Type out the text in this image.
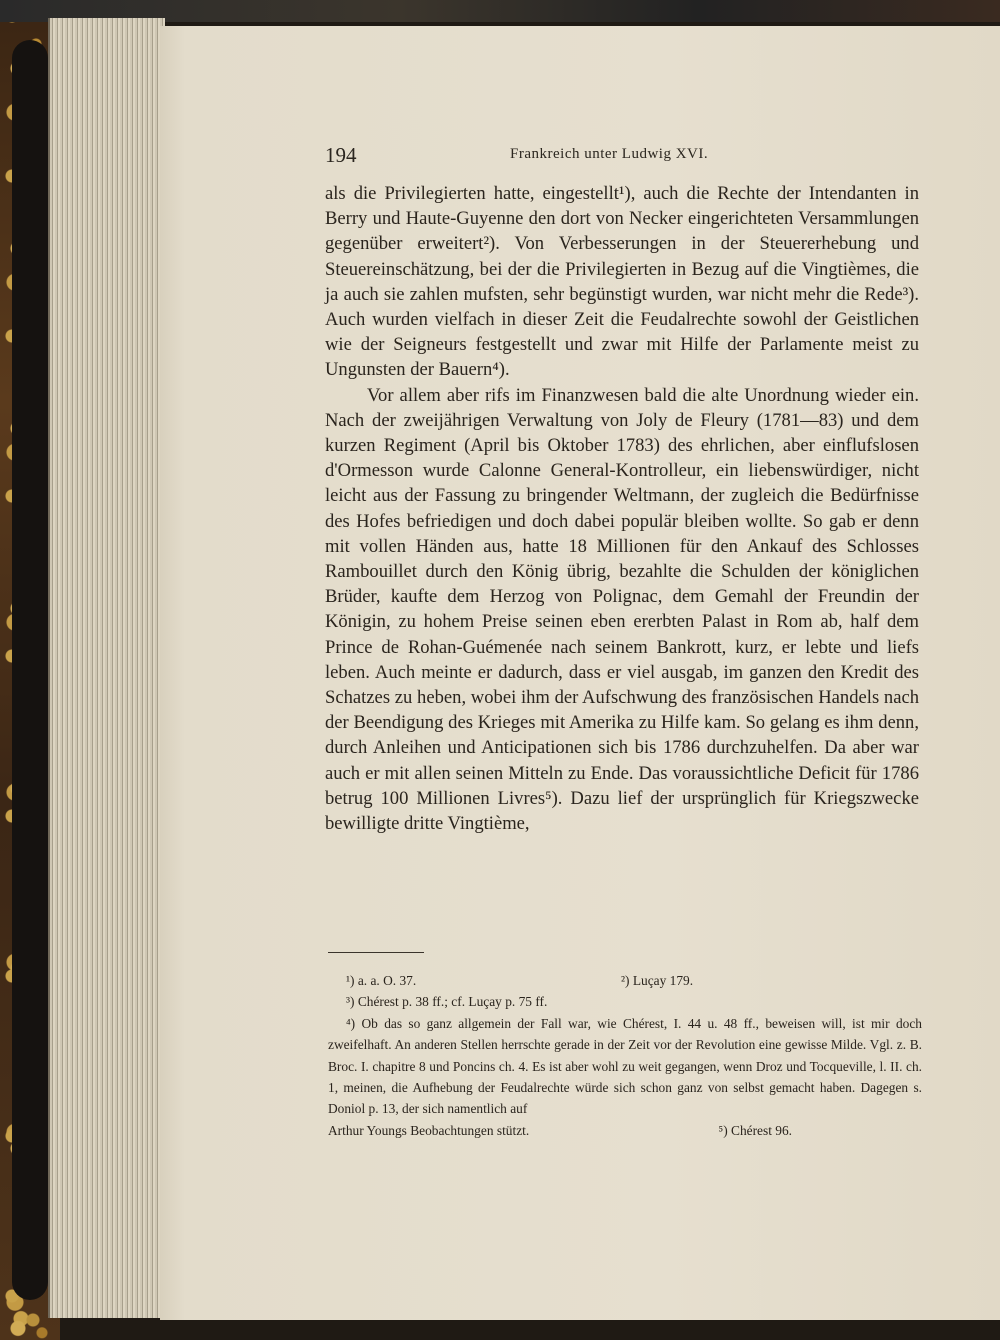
194	Frankreich unter Ludwig XVI.

als die Privilegierten hatte, eingestellt¹), auch die Rechte der Intendanten in Berry und Haute-Guyenne den dort von Necker eingerichteten Versammlungen gegenüber erweitert²). Von Verbesserungen in der Steuererhebung und Steuereinschätzung, bei der die Privilegierten in Bezug auf die Vingtièmes, die ja auch sie zahlen mufsten, sehr begünstigt wurden, war nicht mehr die Rede³). Auch wurden vielfach in dieser Zeit die Feudalrechte sowohl der Geistlichen wie der Seigneurs festgestellt und zwar mit Hilfe der Parlamente meist zu Ungunsten der Bauern⁴).

Vor allem aber rifs im Finanzwesen bald die alte Unordnung wieder ein. Nach der zweijährigen Verwaltung von Joly de Fleury (1781—83) und dem kurzen Regiment (April bis Oktober 1783) des ehrlichen, aber einflufslosen d'Ormesson wurde Calonne General-Kontrolleur, ein liebenswürdiger, nicht leicht aus der Fassung zu bringender Weltmann, der zugleich die Bedürfnisse des Hofes befriedigen und doch dabei populär bleiben wollte. So gab er denn mit vollen Händen aus, hatte 18 Millionen für den Ankauf des Schlosses Rambouillet durch den König übrig, bezahlte die Schulden der königlichen Brüder, kaufte dem Herzog von Polignac, dem Gemahl der Freundin der Königin, zu hohem Preise seinen eben ererbten Palast in Rom ab, half dem Prince de Rohan-Guémenée nach seinem Bankrott, kurz, er lebte und liefs leben. Auch meinte er dadurch, dass er viel ausgab, im ganzen den Kredit des Schatzes zu heben, wobei ihm der Aufschwung des französischen Handels nach der Beendigung des Krieges mit Amerika zu Hilfe kam. So gelang es ihm denn, durch Anleihen und Anticipationen sich bis 1786 durchzuhelfen. Da aber war auch er mit allen seinen Mitteln zu Ende. Das voraussichtliche Deficit für 1786 betrug 100 Millionen Livres⁵). Dazu lief der ursprünglich für Kriegszwecke bewilligte dritte Vingtième,

¹) a. a. O. 37.	²) Luçay 179.

³) Chérest p. 38 ff.; cf. Luçay p. 75 ff.

⁴) Ob das so ganz allgemein der Fall war, wie Chérest, I. 44 u. 48 ff., beweisen will, ist mir doch zweifelhaft. An anderen Stellen herrschte gerade in der Zeit vor der Revolution eine gewisse Milde. Vgl. z. B. Broc. I. chapitre 8 und Poncins ch. 4. Es ist aber wohl zu weit gegangen, wenn Droz und Tocqueville, l. II. ch. 1, meinen, die Aufhebung der Feudalrechte würde sich schon ganz von selbst gemacht haben. Dagegen s. Doniol p. 13, der sich namentlich auf

Arthur Youngs Beobachtungen stützt.	⁵) Chérest 96.
